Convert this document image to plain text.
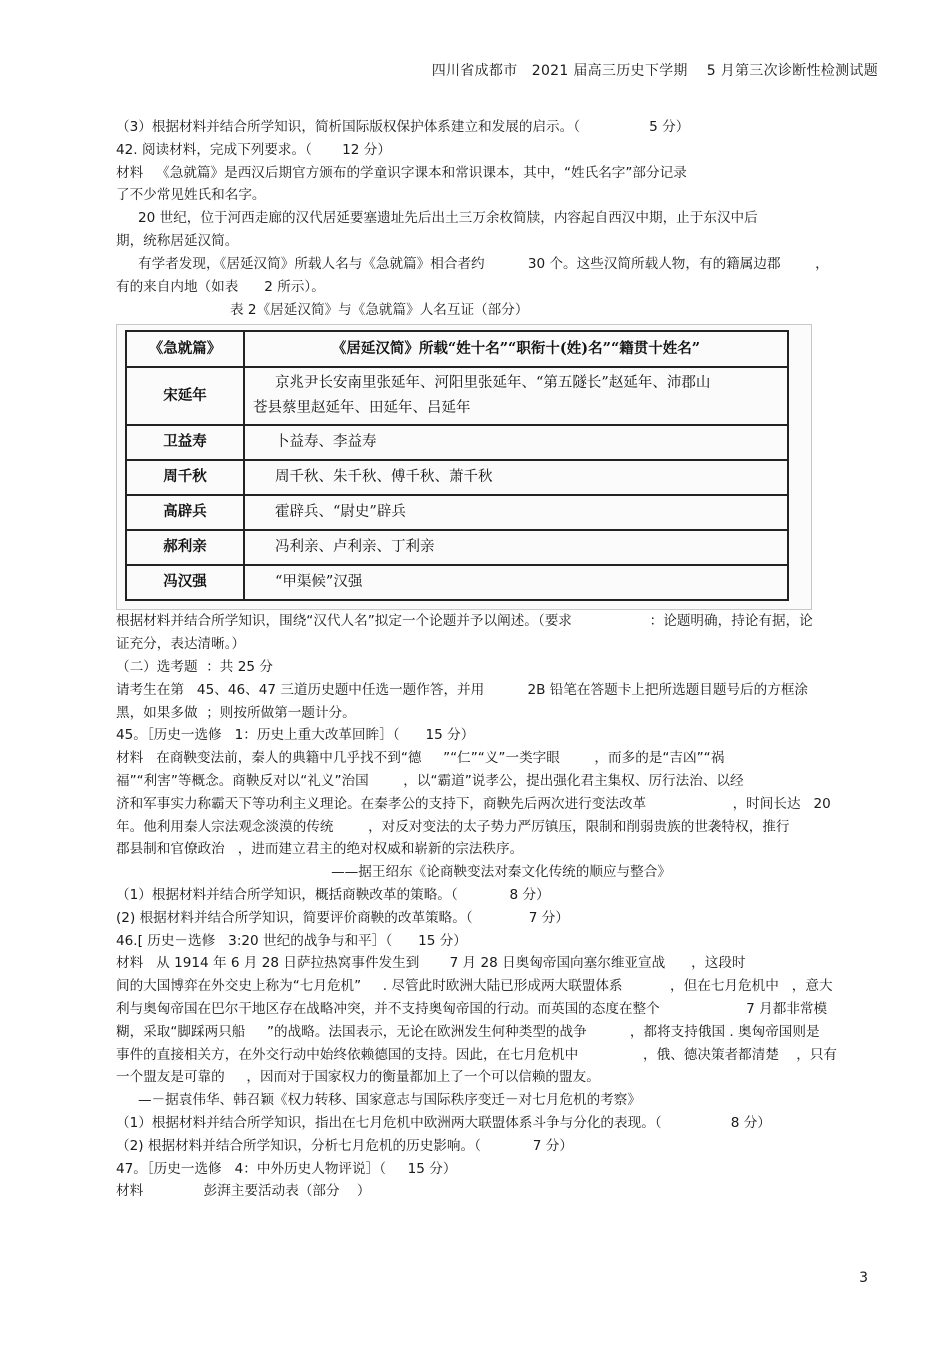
四川省成都市   2021 届高三历史下学期    5 月第三次诊断性检测试题
（3）根据材料并结合所学知识，简析国际版权保护体系建立和发展的启示。（                5 分）
42. 阅读材料，完成下列要求。（       12 分）
材料   《急就篇》是西汉后期官方颁布的学童识字课本和常识课本，其中，“姓氏名字”部分记录
了不少常见姓氏和名字。
20 世纪，位于河西走廊的汉代居延要塞遗址先后出土三万余枚简牍，内容起自西汉中期，止于东汉中后
期，统称居延汉简。
有学者发现，《居延汉简》所载人名与《急就篇》相合者约          30 个。这些汉简所载人物，有的籍属边郡        ，
有的来自内地（如表      2 所示）。
表 2《居延汉简》与《急就篇》人名互证（部分）
《急就篇》	《居延汉简》所载“姓十名”“职衔十(姓)名”“籍贯十姓名”
宋延年	京兆尹长安南里张延年、河阳里张延年、“第五隧长”赵延年、沛郡山
苍县蔡里赵延年、田延年、吕延年

卫益寿	卜益寿、李益寿
周千秋	周千秋、朱千秋、傅千秋、萧千秋
高辟兵	霍辟兵、“尉史”辟兵
郝利亲	冯利亲、卢利亲、丁利亲
冯汉强	“甲渠候”汉强
根据材料并结合所学知识，围绕“汉代人名”拟定一个论题并予以阐述。（要求                  ：论题明确，持论有据，论
证充分，表达清晰。）
（二）选考题  ：共 25 分
请考生在第   45、46、47 三道历史题中任选一题作答，并用          2B 铅笔在答题卡上把所选题目题号后的方框涂
黑，如果多做  ；则按所做第一题计分。
45。［历史一选修   1：历史上重大改革回眸］（      15 分）
材料   在商鞅变法前，秦人的典籍中几乎找不到“德     ”“仁”“义”一类字眼        ，而多的是“吉凶”“祸
福”“利害”等概念。商鞅反对以“礼义”治国        ，以“霸道”说孝公，提出强化君主集权、厉行法治、以经
济和军事实力称霸天下等功利主义理论。在秦孝公的支持下，商鞅先后两次进行变法改革                    ，时间长达   20
年。他利用秦人宗法观念淡漠的传统        ，对反对变法的太子势力严厉镇压，限制和削弱贵族的世袭特权，推行
郡县制和官僚政治   ，进而建立君主的绝对权威和崭新的宗法秩序。
——据王绍东《论商鞅变法对秦文化传统的顺应与整合》
（1）根据材料并结合所学知识，概括商鞅改革的策略。（            8 分）
(2) 根据材料并结合所学知识，简要评价商鞅的改革策略。（             7 分）
46.[ 历史－选修   3:20 世纪的战争与和平］（      15 分）
材料   从 1914 年 6 月 28 日萨拉热窝事件发生到       7 月 28 日奥匈帝国向塞尔维亚宣战      ，这段时
间的大国博弈在外交史上称为“七月危机”     . 尽管此时欧洲大陆已形成两大联盟体系           ，但在七月危机中   ，意大
利与奥匈帝国在巴尔干地区存在战略冲突，并不支持奥匈帝国的行动。而英国的态度在整个                    7 月都非常模
糊，采取“脚踩两只船     ”的战略。法国表示，无论在欧洲发生何种类型的战争          ，都将支持俄国 . 奥匈帝国则是
事件的直接相关方，在外交行动中始终依赖德国的支持。因此，在七月危机中               ，俄、德决策者都清楚    ，只有
一个盟友是可靠的     ，因而对于国家权力的衡量都加上了一个可以信赖的盟友。
—－据袁伟华、韩召颖《权力转移、国家意志与国际秩序变迁－对七月危机的考察》
（1）根据材料并结合所学知识，指出在七月危机中欧洲两大联盟体系斗争与分化的表现。（                8 分）
（2) 根据材料并结合所学知识，分析七月危机的历史影响。（            7 分）
47。［历史一选修   4：中外历史人物评说］（     15 分）
材料              彭湃主要活动表（部分    ）
3
